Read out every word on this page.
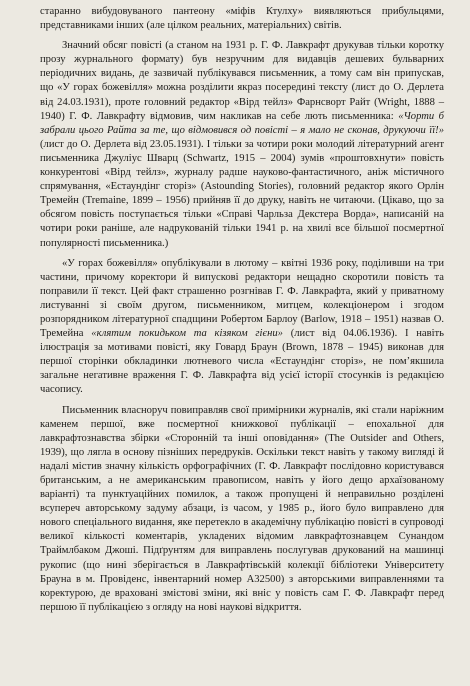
старанно вибудовуваного пантеону «міфів Ктулху» виявляються прибульцями, представниками інших (але цілком реальних, матеріальних) світів.

Значний обсяг повісті (а станом на 1931 р. Г. Ф. Лавкрафт друкував тільки коротку прозу журнального формату) був незручним для видавців дешевих бульварних періодичних видань, де зазвичай публікувався письменник, а тому сам він припускав, що «У горах божевілля» можна розділити якраз посередині тексту (лист до О. Дерлета від 24.03.1931), проте головний редактор «Вірд тейлз» Фарнсворт Райт (Wright, 1888 – 1940) Г. Ф. Лавкрафту відмовив, чим накликав на себе лють письменника: «Чорти б забрали цього Райта за те, що відмовився од повісті – я мало не сконав, друкуючи її!» (лист до О. Дерлета від 23.05.1931). І тільки за чотири роки молодий літературний агент письменника Джуліус Шварц (Schwartz, 1915 – 2004) зумів «проштовхнути» повість конкурентові «Вірд тейлз», журналу радше науково-фантастичного, аніж містичного спрямування, «Естаундінг сторіз» (Astounding Stories), головний редактор якого Орлін Тремейн (Tremaine, 1899 – 1956) прийняв її до друку, навіть не читаючи. (Цікаво, що за обсягом повість поступається тільки «Справі Чарльза Декстера Ворда», написаній на чотири роки раніше, але надрукованій тільки 1941 р. на хвилі все більшої посмертної популярності письменника.)

«У горах божевілля» опублікували в лютому – квітні 1936 року, поділивши на три частини, причому коректори й випускові редактори нещадно скоротили повість та поправили її текст. Цей факт страшенно розгнівав Г. Ф. Лавкрафта, який у приватному листуванні зі своїм другом, письменником, митцем, колекціонером і згодом розпорядником літературної спадщини Робертом Барлоу (Barlow, 1918 – 1951) назвав О. Тремейна «клятим покидьком та кізяком гієни» (лист від 04.06.1936). І навіть ілюстрація за мотивами повісті, яку Говард Браун (Brown, 1878 – 1945) виконав для першої сторінки обкладинки лютневого числа «Естаундінг сторіз», не пом’якшила загальне негативне враження Г. Ф. Лавкрафта від усієї історії стосунків із редакцією часопису.

Письменник власноруч повиправляв свої примірники журналів, які стали наріжним каменем першої, вже посмертної книжкової публікації – епохальної для лавкрафтознавства збірки «Сторонній та інші оповідання» (The Outsider and Others, 1939), що лягла в основу пізніших передруків. Оскільки текст навіть у такому вигляді й надалі містив значну кількість орфографічних (Г. Ф. Лавкрафт послідовно користувався британським, а не американським правописом, навіть у його дещо архаїзованому варіанті) та пунктуаційних помилок, а також пропущені й неправильно розділені всупереч авторському задуму абзаци, із часом, у 1985 р., його було виправлено для нового спеціального видання, яке перетекло в академічну публікацію повісті в супроводі великої кількості коментарів, укладених відомим лавкрафтознавцем Сунандом Траймлбаком Джоші. Підґрунтям для виправлень послугував друкований на машинці рукопис (що нині зберігається в Лавкрафтівській колекції бібліотеки Університету Брауна в м. Провіденс, інвентарний номер A32500) з авторськими виправленнями та коректурою, де враховані змістові зміни, які вніс у повість сам Г. Ф. Лавкрафт перед першою її публікацією з огляду на нові наукові відкриття.
